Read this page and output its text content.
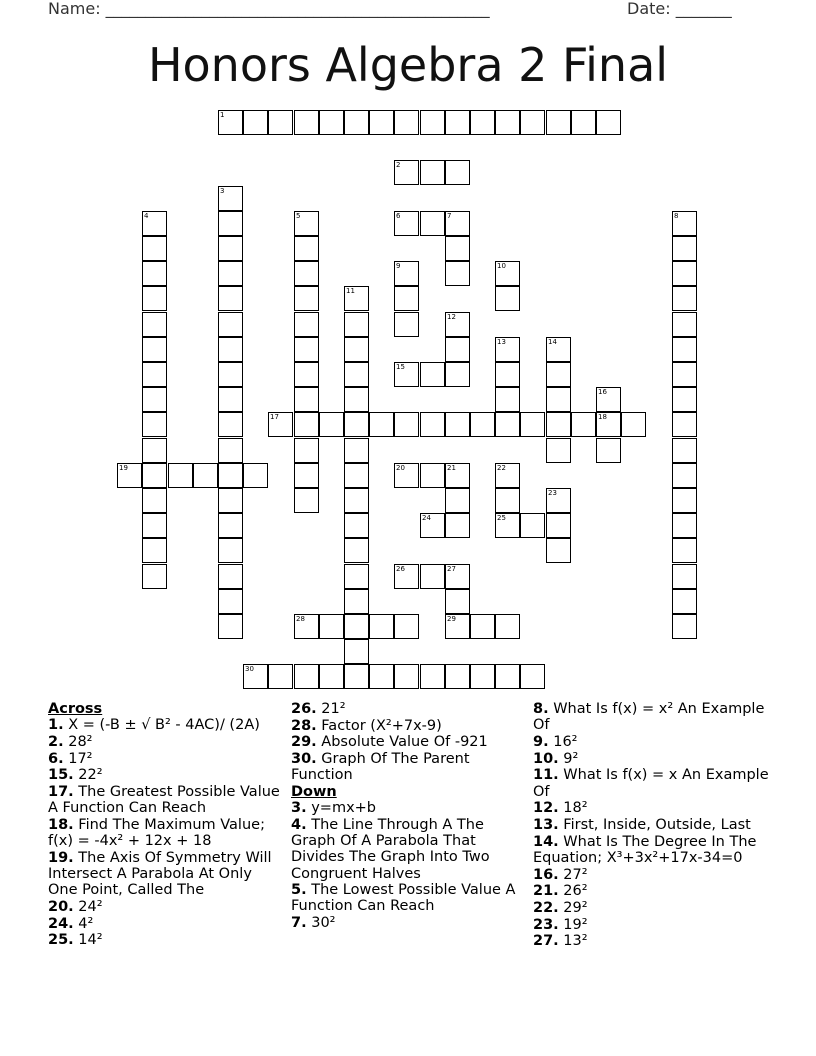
Name: ________________________________________________	Date: _______
Honors Algebra 2 Final
1
2
6	7
15
17	18
19	20	21
24	25
26	27
28	29
30
3
4	5	8
9	10
11
12
13	14
16
22
23
Across
1. X = (-B ± √ B² - 4AC)/ (2A)
2. 28²
6. 17²
15. 22²
17. The Greatest Possible Value A Function Can Reach
18. Find The Maximum Value; f(x) = -4x² + 12x + 18
19. The Axis Of Symmetry Will Intersect A Parabola At Only One Point, Called The
20. 24²
24. 4²
25. 14²
26. 21²
28. Factor (X²+7x-9)
29. Absolute Value Of -921
30. Graph Of The Parent Function
Down
3. y=mx+b
4. The Line Through A The Graph Of A Parabola That Divides The Graph Into Two Congruent Halves
5. The Lowest Possible Value A Function Can Reach
7. 30²
8. What Is f(x) = x² An Example Of
9. 16²
10. 9²
11. What Is f(x) = x An Example Of
12. 18²
13. First, Inside, Outside, Last
14. What Is The Degree In The Equation; X³+3x²+17x-34=0
16. 27²
21. 26²
22. 29²
23. 19²
27. 13²
